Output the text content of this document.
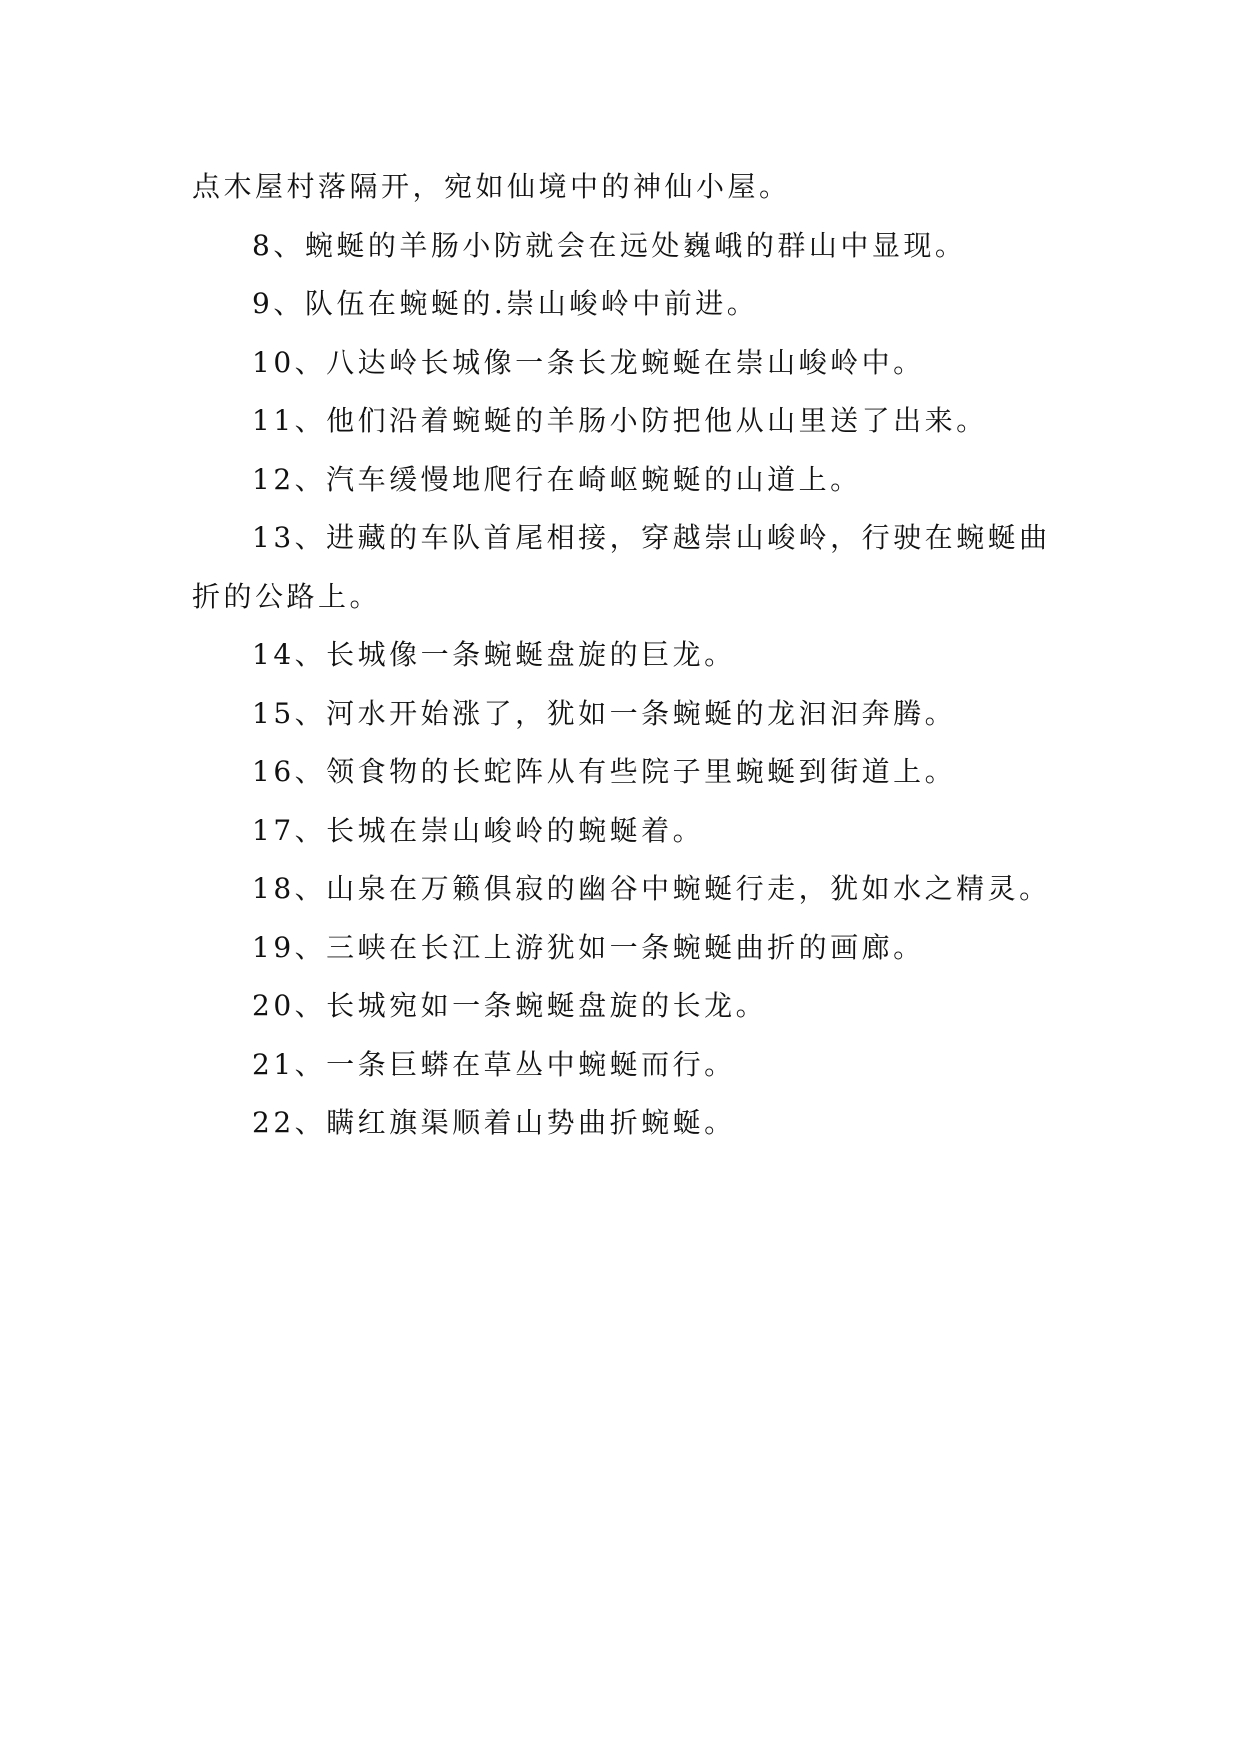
点木屋村落隔开，宛如仙境中的神仙小屋。

8、蜿蜒的羊肠小防就会在远处巍峨的群山中显现。

9、队伍在蜿蜒的.崇山峻岭中前进。

10、八达岭长城像一条长龙蜿蜒在崇山峻岭中。

11、他们沿着蜿蜒的羊肠小防把他从山里送了出来。

12、汽车缓慢地爬行在崎岖蜿蜒的山道上。

13、进藏的车队首尾相接，穿越崇山峻岭，行驶在蜿蜒曲折的公路上。

14、长城像一条蜿蜒盘旋的巨龙。

15、河水开始涨了，犹如一条蜿蜒的龙汩汩奔腾。

16、领食物的长蛇阵从有些院子里蜿蜒到街道上。

17、长城在崇山峻岭的蜿蜒着。

18、山泉在万籁俱寂的幽谷中蜿蜒行走，犹如水之精灵。

19、三峡在长江上游犹如一条蜿蜒曲折的画廊。

20、长城宛如一条蜿蜒盘旋的长龙。

21、一条巨蟒在草丛中蜿蜒而行。

22、瞒红旗渠顺着山势曲折蜿蜒。
